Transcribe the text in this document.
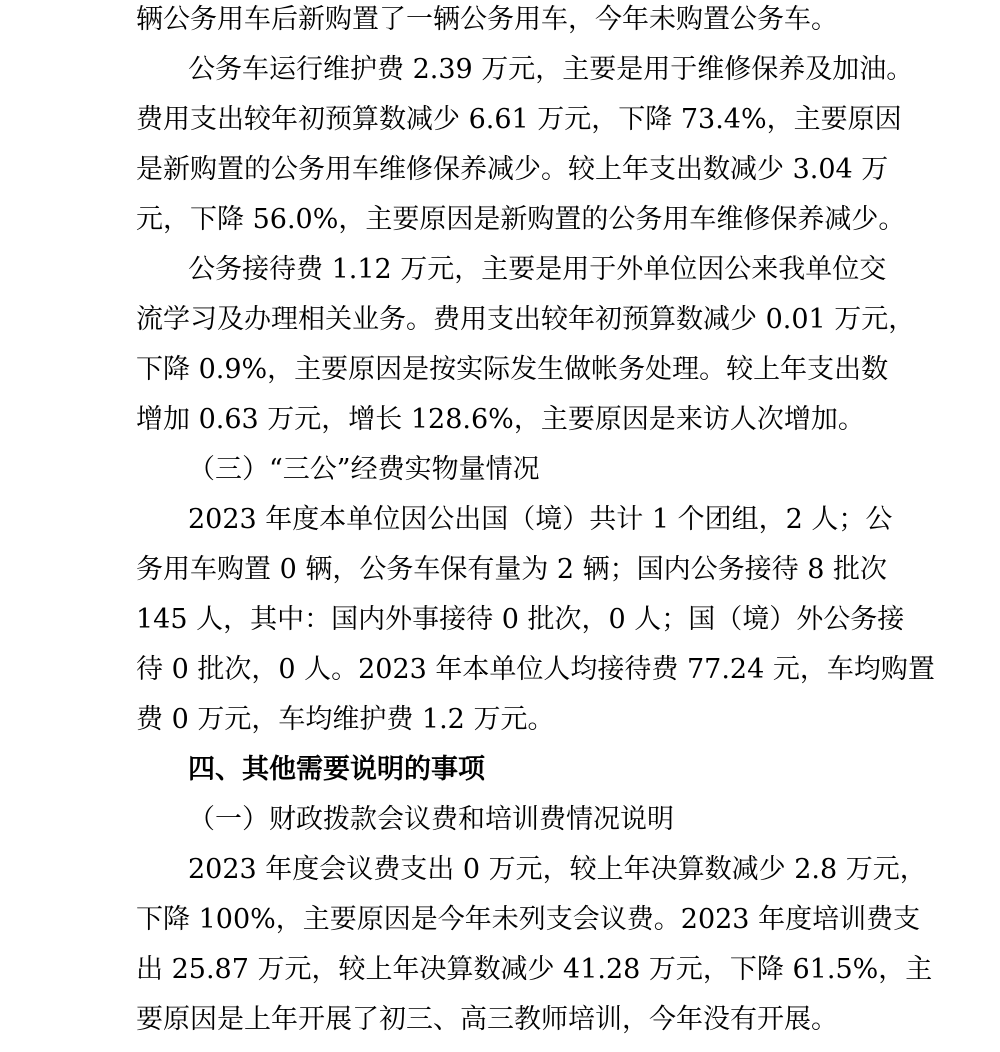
辆公务用车后新购置了一辆公务用车，今年未购置公务车。
公务车运行维护费 2.39 万元，主要是用于维修保养及加油。
费用支出较年初预算数减少 6.61 万元，下降 73.4%，主要原因
是新购置的公务用车维修保养减少。较上年支出数减少 3.04 万
元，下降 56.0%，主要原因是新购置的公务用车维修保养减少。
公务接待费 1.12 万元，主要是用于外单位因公来我单位交
流学习及办理相关业务。费用支出较年初预算数减少 0.01 万元，
下降 0.9%，主要原因是按实际发生做帐务处理。较上年支出数
增加 0.63 万元，增长 128.6%，主要原因是来访人次增加。
（三）“三公”经费实物量情况
2023 年度本单位因公出国（境）共计 1 个团组，2 人；公
务用车购置 0 辆，公务车保有量为 2 辆；国内公务接待 8 批次
145 人，其中：国内外事接待 0 批次，0 人；国（境）外公务接
待 0 批次，0 人。2023 年本单位人均接待费 77.24 元，车均购置
费 0 万元，车均维护费 1.2 万元。
四、其他需要说明的事项
（一）财政拨款会议费和培训费情况说明
2023 年度会议费支出 0 万元，较上年决算数减少 2.8 万元，
下降 100%，主要原因是今年未列支会议费。2023 年度培训费支
出 25.87 万元，较上年决算数减少 41.28 万元，下降 61.5%，主
要原因是上年开展了初三、高三教师培训，今年没有开展。
